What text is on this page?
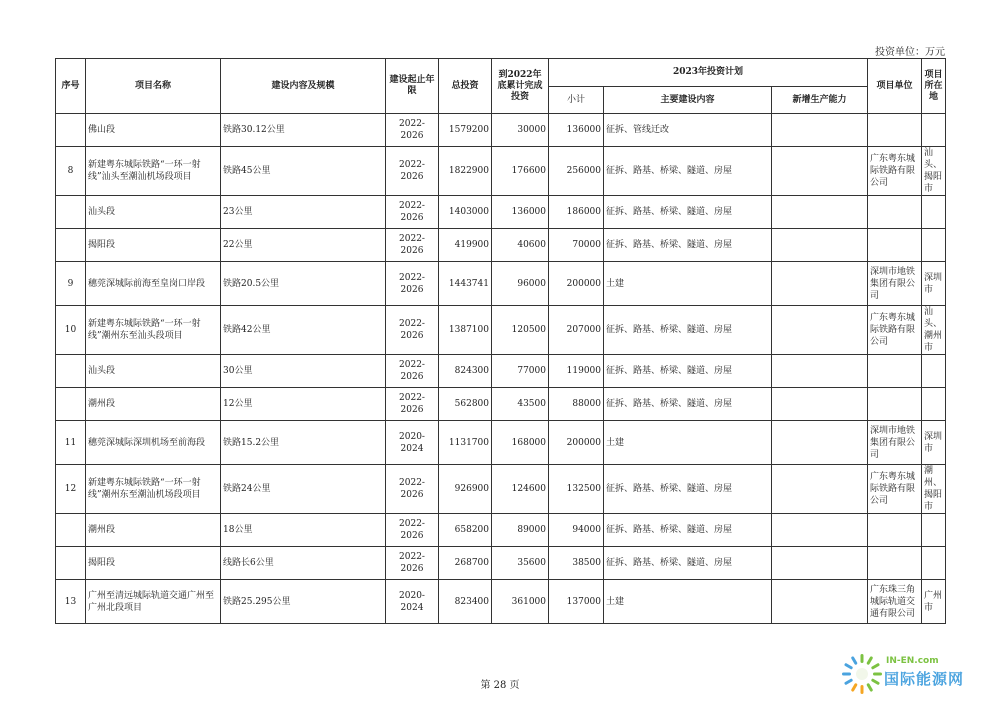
投资单位：万元
序号	项目名称	建设内容及规模	建设起止年限	总投资	到2022年底累计完成投资	2023年投资计划			项目单位	项目所在地	
						小计	主要建设内容	新增生产能力			
	佛山段	铁路30.12公里	2022-2026	1579200	30000	136000	征拆、管线迁改				
8	新建粤东城际铁路“一环一射线”汕头至潮汕机场段项目	铁路45公里	2022-2026	1822900	176600	256000	征拆、路基、桥梁、隧道、房屋		广东粤东城际铁路有限公司	汕头、揭阳市	
	汕头段	23公里	2022-2026	1403000	136000	186000	征拆、路基、桥梁、隧道、房屋				
	揭阳段	22公里	2022-2026	419900	40600	70000	征拆、路基、桥梁、隧道、房屋				
9	穗莞深城际前海至皇岗口岸段	铁路20.5公里	2022-2026	1443741	96000	200000	土建		深圳市地铁集团有限公司	深圳市	
10	新建粤东城际铁路“一环一射线”潮州东至汕头段项目	铁路42公里	2022-2026	1387100	120500	207000	征拆、路基、桥梁、隧道、房屋		广东粤东城际铁路有限公司	汕头、潮州市	
	汕头段	30公里	2022-2026	824300	77000	119000	征拆、路基、桥梁、隧道、房屋				
	潮州段	12公里	2022-2026	562800	43500	88000	征拆、路基、桥梁、隧道、房屋				
11	穗莞深城际深圳机场至前海段	铁路15.2公里	2020-2024	1131700	168000	200000	土建		深圳市地铁集团有限公司	深圳市	
12	新建粤东城际铁路“一环一射线”潮州东至潮汕机场段项目	铁路24公里	2022-2026	926900	124600	132500	征拆、路基、桥梁、隧道、房屋		广东粤东城际铁路有限公司	潮州、揭阳市	
	潮州段	18公里	2022-2026	658200	89000	94000	征拆、路基、桥梁、隧道、房屋				
	揭阳段	线路长6公里	2022-2026	268700	35600	38500	征拆、路基、桥梁、隧道、房屋				
13	广州至清远城际轨道交通广州至广州北段项目	铁路25.295公里	2020-2024	823400	361000	137000	土建		广东珠三角城际轨道交通有限公司	广州市	
第 28 页
IN-EN.com
国际能源网
